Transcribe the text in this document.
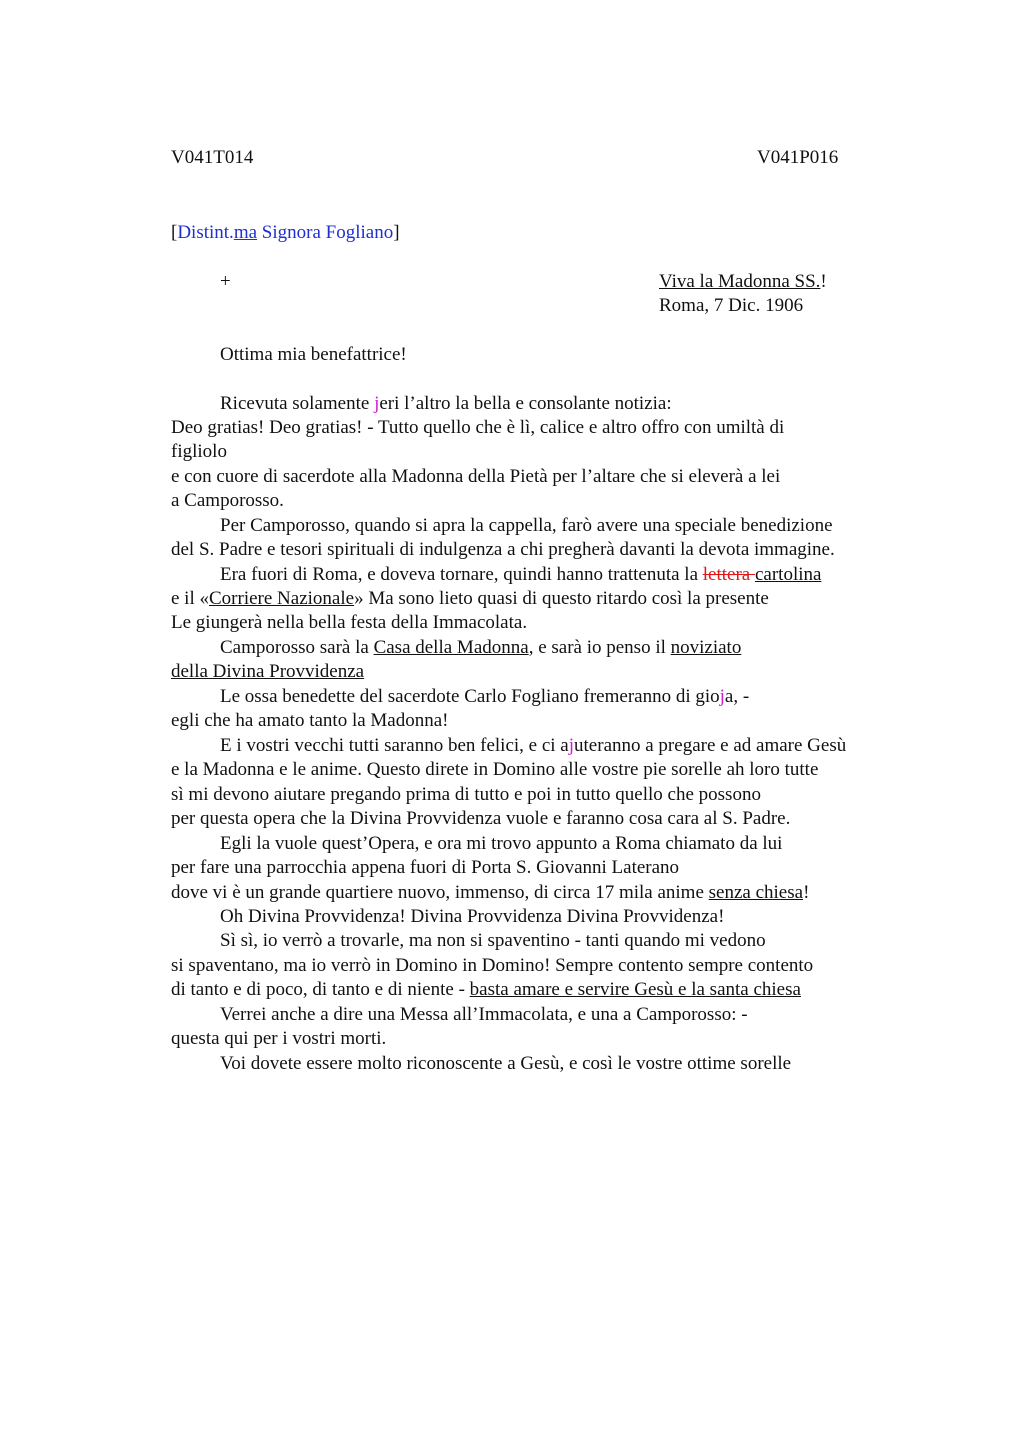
V041T014	V041P016
[Distint.ma Signora Fogliano]
+	Viva la Madonna SS.!
Roma, 7 Dic. 1906
Ottima mia benefattrice!
Ricevuta solamente jeri l’altro la bella e consolante notizia:
Deo gratias! Deo gratias! - Tutto quello che è lì, calice e altro offro con umiltà di
figliolo
e con cuore di sacerdote alla Madonna della Pietà per l’altare che si eleverà a lei
a Camporosso.
Per Camporosso, quando si apra la cappella, farò avere una speciale benedizione
del S. Padre e tesori spirituali di indulgenza a chi pregherà davanti la devota immagine.
Era fuori di Roma, e doveva tornare, quindi hanno trattenuta la lettera cartolina
e il «Corriere Nazionale» Ma sono lieto quasi di questo ritardo così la presente
Le giungerà nella bella festa della Immacolata.
Camporosso sarà la Casa della Madonna, e sarà io penso il noviziato
della Divina Provvidenza
Le ossa benedette del sacerdote Carlo Fogliano fremeranno di gioja, -
egli che ha amato tanto la Madonna!
E i vostri vecchi tutti saranno ben felici, e ci ajuteranno a pregare e ad amare Gesù
e la Madonna e le anime. Questo direte in Domino alle vostre pie sorelle ah loro tutte
sì mi devono aiutare pregando prima di tutto e poi in tutto quello che possono
per questa opera che la Divina Provvidenza vuole e faranno cosa cara al S. Padre.
Egli la vuole quest’Opera, e ora mi trovo appunto a Roma chiamato da lui
per fare una parrocchia appena fuori di Porta S. Giovanni Laterano
dove vi è un grande quartiere nuovo, immenso, di circa 17 mila anime senza chiesa!
Oh Divina Provvidenza! Divina Provvidenza Divina Provvidenza!
Sì sì, io verrò a trovarle, ma non si spaventino - tanti quando mi vedono
si spaventano, ma io verrò in Domino in Domino! Sempre contento sempre contento
di tanto e di poco, di tanto e di niente - basta amare e servire Gesù e la santa chiesa
Verrei anche a dire una Messa all’Immacolata, e una a Camporosso: -
questa qui per i vostri morti.
Voi dovete essere molto riconoscente a Gesù, e così le vostre ottime sorelle
